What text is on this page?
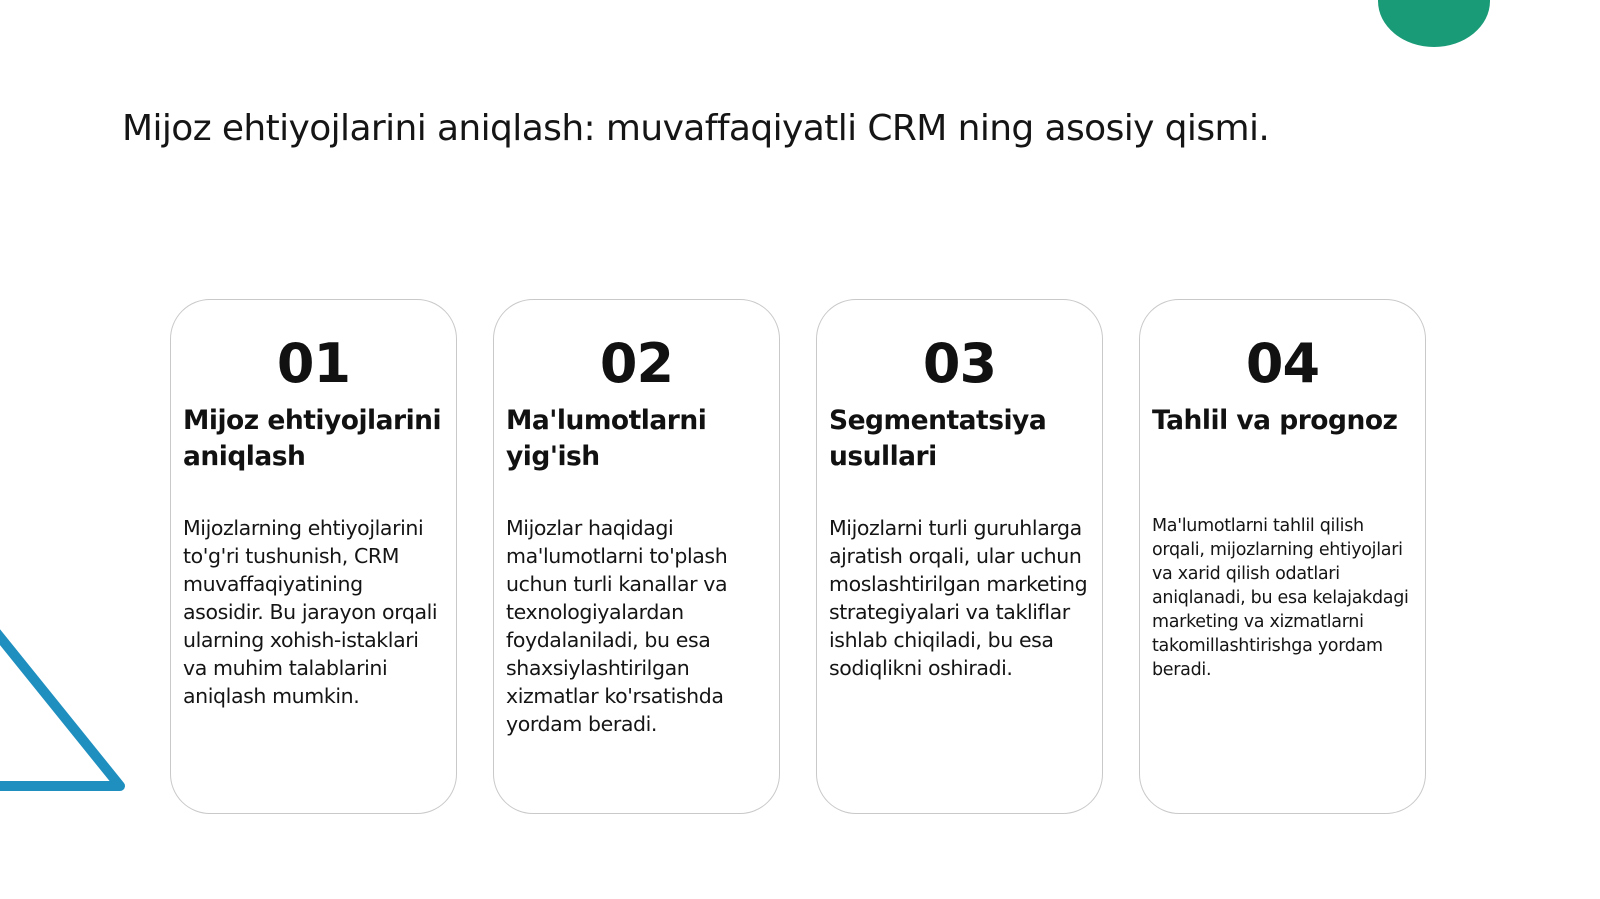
Mijoz ehtiyojlarini aniqlash: muvaffaqiyatli CRM ning asosiy qismi.
01
Mijoz ehtiyojlarini aniqlash
Mijozlarning ehtiyojlarini to'g'ri tushunish, CRM muvaffaqiyatining asosidir. Bu jarayon orqali ularning xohish-istaklari va muhim talablarini aniqlash mumkin.
02
Ma'lumotlarni yig'ish
Mijozlar haqidagi ma'lumotlarni to'plash uchun turli kanallar va texnologiyalardan foydalaniladi, bu esa shaxsiylashtirilgan xizmatlar ko'rsatishda yordam beradi.
03
Segmentatsiya usullari
Mijozlarni turli guruhlarga ajratish orqali, ular uchun moslashtirilgan marketing strategiyalari va takliflar ishlab chiqiladi, bu esa sodiqlikni oshiradi.
04
Tahlil va prognoz
Ma'lumotlarni tahlil qilish orqali, mijozlarning ehtiyojlari va xarid qilish odatlari aniqlanadi, bu esa kelajakdagi marketing va xizmatlarni takomillashtirishga yordam beradi.
